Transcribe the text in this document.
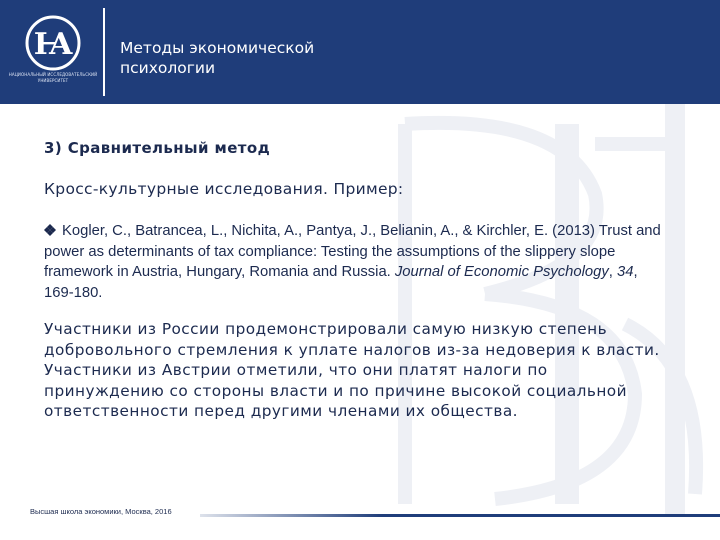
Ꙗ
НАЦИОНАЛЬНЫЙ ИССЛЕДОВАТЕЛЬСКИЙ УНИВЕРСИТЕТ
Методы экономической
психологии
3) Сравнительный метод
Кросс-культурные исследования. Пример:
Kogler, C., Batrancea, L., Nichita, A., Pantya, J., Belianin, A., & Kirchler, E. (2013) Trust and power as determinants of tax compliance: Testing the assumptions of the slippery slope framework in Austria, Hungary, Romania and Russia. Journal of Economic Psychology, 34, 169-180.
Участники из России продемонстрировали самую низкую степень добровольного стремления к уплате налогов из-за недоверия к власти. Участники из Австрии отметили, что они платят налоги по принуждению со стороны власти и по причине высокой социальной ответственности перед другими членами их общества.
Высшая школа экономики, Москва, 2016
